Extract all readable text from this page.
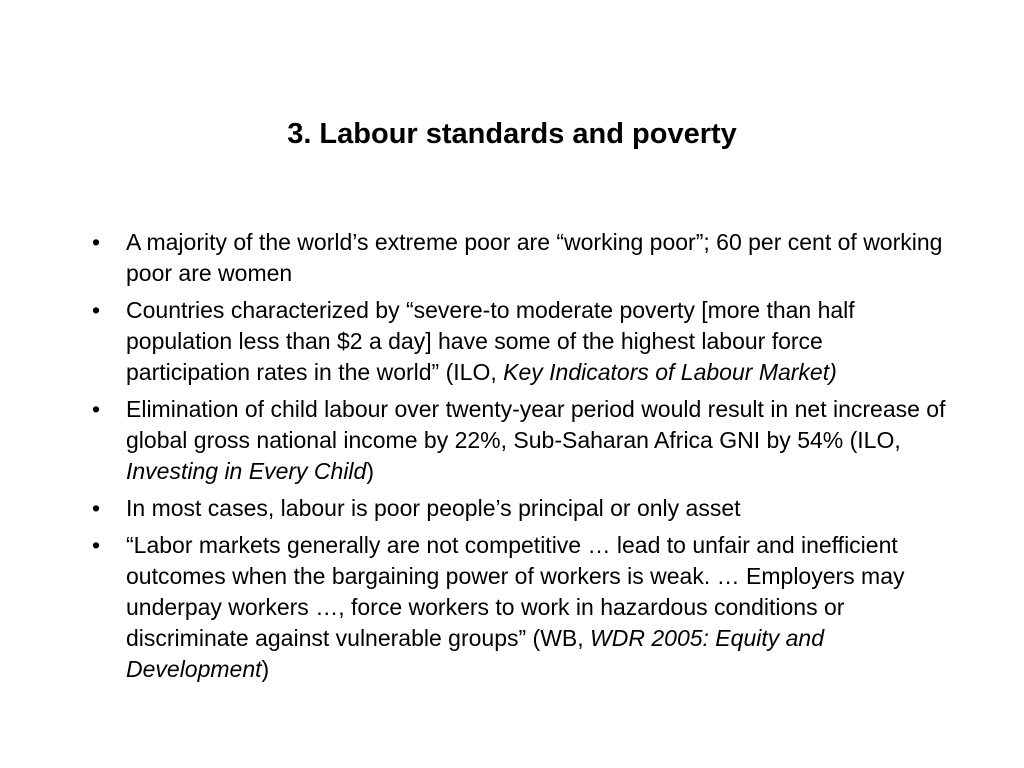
3. Labour standards and poverty
• A majority of the world’s extreme poor are “working poor”; 60 per cent of working poor are women
• Countries characterized by “severe-to moderate poverty [more than half population less than $2 a day] have some of the highest labour force participation rates in the world” (ILO, Key Indicators of Labour Market)
• Elimination of child labour over twenty-year period would result in net increase of global gross national income by 22%, Sub-Saharan Africa GNI by 54% (ILO, Investing in Every Child)
• In most cases, labour is poor people’s principal or only asset
• “Labor markets generally are not competitive … lead to unfair and inefficient outcomes when the bargaining power of workers is weak. … Employers may underpay workers …, force workers to work in hazardous conditions or discriminate against vulnerable groups” (WB, WDR 2005: Equity and Development)
